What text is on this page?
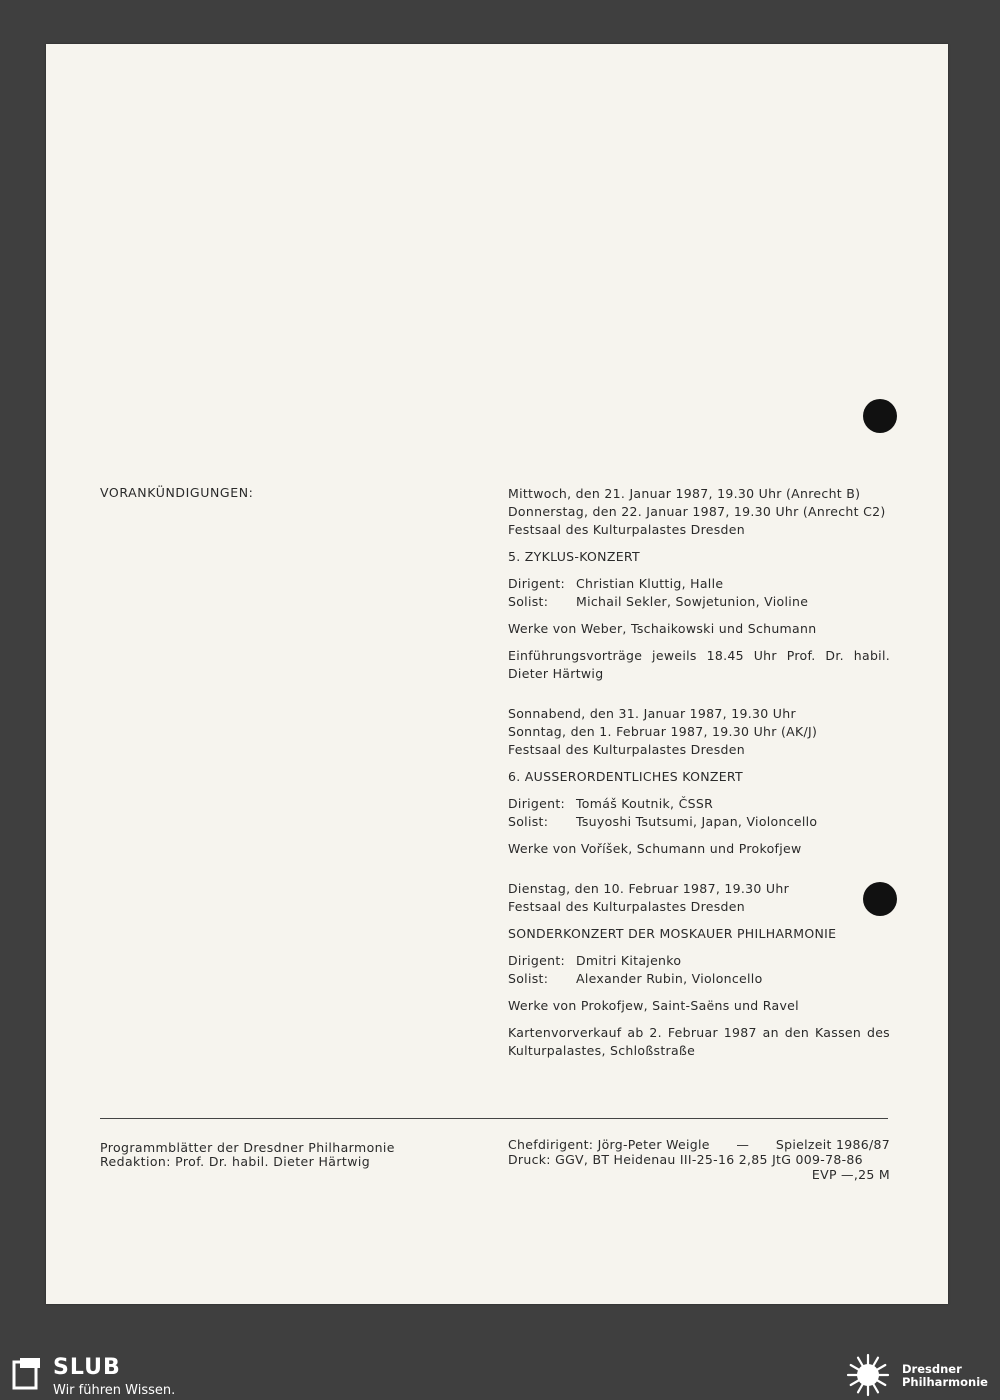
VORANKÜNDIGUNGEN:	Mittwoch, den 21. Januar 1987, 19.30 Uhr (Anrecht B)

Donnerstag, den 22. Januar 1987, 19.30 Uhr (Anrecht C2)

Festsaal des Kulturpalastes Dresden

5. ZYKLUS-KONZERT

Dirigent: Christian Kluttig, Halle
Solist:	Michail Sekler, Sowjetunion, Violine

Werke von Weber, Tschaikowski und Schumann

Einführungsvorträge jeweils 18.45 Uhr Prof. Dr. habil. Dieter Härtwig

Sonnabend, den 31. Januar 1987, 19.30 Uhr

Sonntag, den 1. Februar 1987, 19.30 Uhr (AK/J)

Festsaal des Kulturpalastes Dresden

6. AUSSERORDENTLICHES KONZERT

Dirigent: Tomáš Koutnik, ČSSR
Solist:	Tsuyoshi Tsutsumi, Japan, Violoncello

Werke von Voříšek, Schumann und Prokofjew

Dienstag, den 10. Februar 1987, 19.30 Uhr

Festsaal des Kulturpalastes Dresden

SONDERKONZERT DER MOSKAUER PHILHARMONIE

Dirigent: Dmitri Kitajenko
Solist:	Alexander Rubin, Violoncello

Werke von Prokofjew, Saint-Saëns und Ravel

Kartenvorverkauf ab 2. Februar 1987 an den Kassen des Kulturpalastes, Schloßstraße

Programmblätter der Dresdner Philharmonie
Redaktion: Prof. Dr. habil. Dieter Härtwig
Chefdirigent: Jörg-Peter Weigle — Spielzeit 1986/87
Druck: GGV, BT Heidenau III-25-16 2,85 JtG 009-78-86
EVP —,25 M
SLUB
Wir führen Wissen.
Dresdner
Philharmonie
